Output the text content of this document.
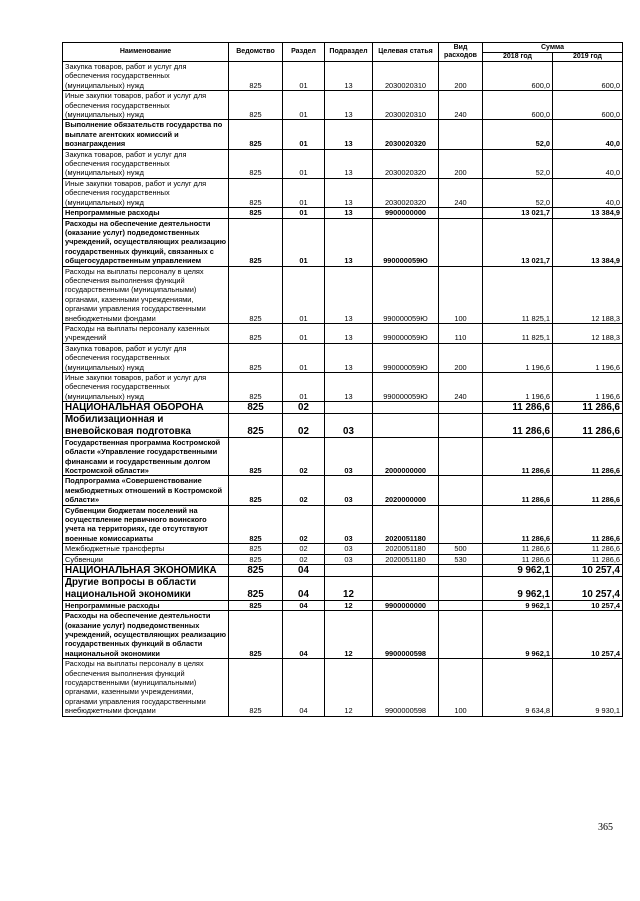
Наименование	Ведомство	Раздел	Подраздел	Целевая статья	Вид расходов	Сумма	
						2018 год	2019 год
Закупка товаров, работ и услуг для обеспечения государственных (муниципальных) нужд	825	01	13	2030020310	200	600,0	600,0
Иные закупки товаров, работ и услуг для обеспечения государственных (муниципальных) нужд	825	01	13	2030020310	240	600,0	600,0
Выполнение обязательств государства по выплате агентских комиссий и вознаграждения	825	01	13	2030020320		52,0	40,0
Закупка товаров, работ и услуг для обеспечения государственных (муниципальных) нужд	825	01	13	2030020320	200	52,0	40,0
Иные закупки товаров, работ и услуг для обеспечения государственных (муниципальных) нужд	825	01	13	2030020320	240	52,0	40,0
Непрограммные расходы	825	01	13	9900000000		13 021,7	13 384,9
Расходы на обеспечение деятельности (оказание услуг) подведомственных учреждений, осуществляющих реализацию государственных функций, связанных с общегосударственным управлением	825	01	13	990000059Ю		13 021,7	13 384,9
Расходы на выплаты персоналу в целях обеспечения выполнения функций государственными (муниципальными) органами, казенными учреждениями, органами управления государственными внебюджетными фондами	825	01	13	990000059Ю	100	11 825,1	12 188,3
Расходы на выплаты персоналу казенных учреждений	825	01	13	990000059Ю	110	11 825,1	12 188,3
Закупка товаров, работ и услуг для обеспечения государственных (муниципальных) нужд	825	01	13	990000059Ю	200	1 196,6	1 196,6
Иные закупки товаров, работ и услуг для обеспечения государственных (муниципальных) нужд	825	01	13	990000059Ю	240	1 196,6	1 196,6
НАЦИОНАЛЬНАЯ ОБОРОНА	825	02				11 286,6	11 286,6
Мобилизационная и вневойсковая подготовка	825	02	03			11 286,6	11 286,6
Государственная программа Костромской области «Управление государственными финансами и государственным долгом Костромской области»	825	02	03	2000000000		11 286,6	11 286,6
Подпрограмма «Совершенствование межбюджетных отношений в Костромской области»	825	02	03	2020000000		11 286,6	11 286,6
Субвенции бюджетам поселений на осуществление первичного воинского учета на территориях, где отсутствуют военные комиссариаты	825	02	03	2020051180		11 286,6	11 286,6
Межбюджетные трансферты	825	02	03	2020051180	500	11 286,6	11 286,6
Субвенции	825	02	03	2020051180	530	11 286,6	11 286,6
НАЦИОНАЛЬНАЯ ЭКОНОМИКА	825	04				9 962,1	10 257,4
Другие вопросы в области национальной экономики	825	04	12			9 962,1	10 257,4
Непрограммные расходы	825	04	12	9900000000		9 962,1	10 257,4
Расходы на обеспечение деятельности (оказание услуг) подведомственных учреждений, осуществляющих реализацию государственных функций в области национальной экономики	825	04	12	9900000598		9 962,1	10 257,4
Расходы на выплаты персоналу в целях обеспечения выполнения функций государственными (муниципальными) органами, казенными учреждениями, органами управления государственными внебюджетными фондами	825	04	12	9900000598	100	9 634,8	9 930,1
365
